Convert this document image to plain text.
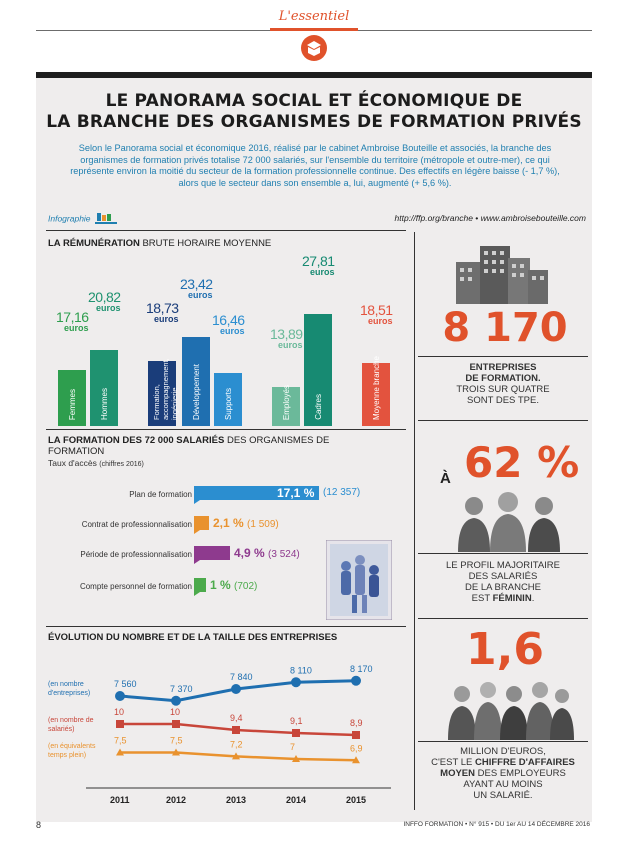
L'essentiel
LE PANORAMA SOCIAL ET ÉCONOMIQUE DE
LA BRANCHE DES ORGANISMES DE FORMATION PRIVÉS
Selon le Panorama social et économique 2016, réalisé par le cabinet Ambroise Bouteille et associés, la branche des organismes de formation privés totalise 72 000 salariés, sur l'ensemble du territoire (métropole et outre-mer), ce qui représente environ la moitié du secteur de la formation professionnelle continue. Des effectifs en légère baisse (- 1,7 %), alors que le secteur dans son ensemble a, lui, augmenté (+ 5,6 %).
Infographie	http://ffp.org/branche • www.ambroisebouteille.com
LA RÉMUNÉRATION BRUTE HORAIRE MOYENNE
Femmes
17,16
euros
Hommes
20,82
euros
Formation, accompagnement, ingénierie
18,73
euros
Développement
23,42
euros
Supports
16,46
euros
Employés
13,89
euros
Cadres
27,81
euros
Moyenne branche
18,51
euros
LA FORMATION DES 72 000 SALARIÉS DES ORGANISMES DE FORMATION
Taux d'accès (chiffres 2016)
Plan de formation	17,1 % (12 357)
Contrat de professionnalisation 2,1 % (1 509)
Période de professionnalisation	4,9 % (3 524)
Compte personnel de formation 1 % (702)
ÉVOLUTION DU NOMBRE ET DE LA TAILLE DES ENTREPRISES
7 560	7 370
7 840
8 110	8 170
10	10
9,4	9,1	8,9
7,5	7,5	7,2	7	6,9
2011	2012	2013	2014	2015
(en nombre d'entreprises)
(en nombre de salariés)
(en équivalents temps plein)
8 170
ENTREPRISES
DE FORMATION.
TROIS SUR QUATRE SONT DES TPE.
À 62 %
LE PROFIL MAJORITAIRE
DES SALARIÉS
DE LA BRANCHE
EST FÉMININ.
1,6
MILLION D'EUROS,
C'EST LE CHIFFRE D'AFFAIRES
MOYEN DES EMPLOYEURS
AYANT AU MOINS
UN SALARIÉ.
8	INFFO FORMATION • N° 915 • DU 1er AU 14 DÉCEMBRE 2016
